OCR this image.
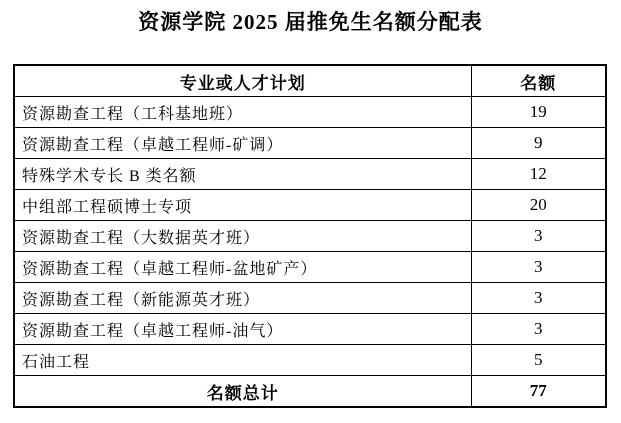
资源学院 2025 届推免生名额分配表
专业或人才计划	名额
资源勘查工程（工科基地班）	19
资源勘查工程（卓越工程师-矿调）	9
特殊学术专长 B 类名额	12
中组部工程硕博士专项	20
资源勘查工程（大数据英才班）	3
资源勘查工程（卓越工程师-盆地矿产）	3
资源勘查工程（新能源英才班）	3
资源勘查工程（卓越工程师-油气）	3
石油工程	5
名额总计	77
